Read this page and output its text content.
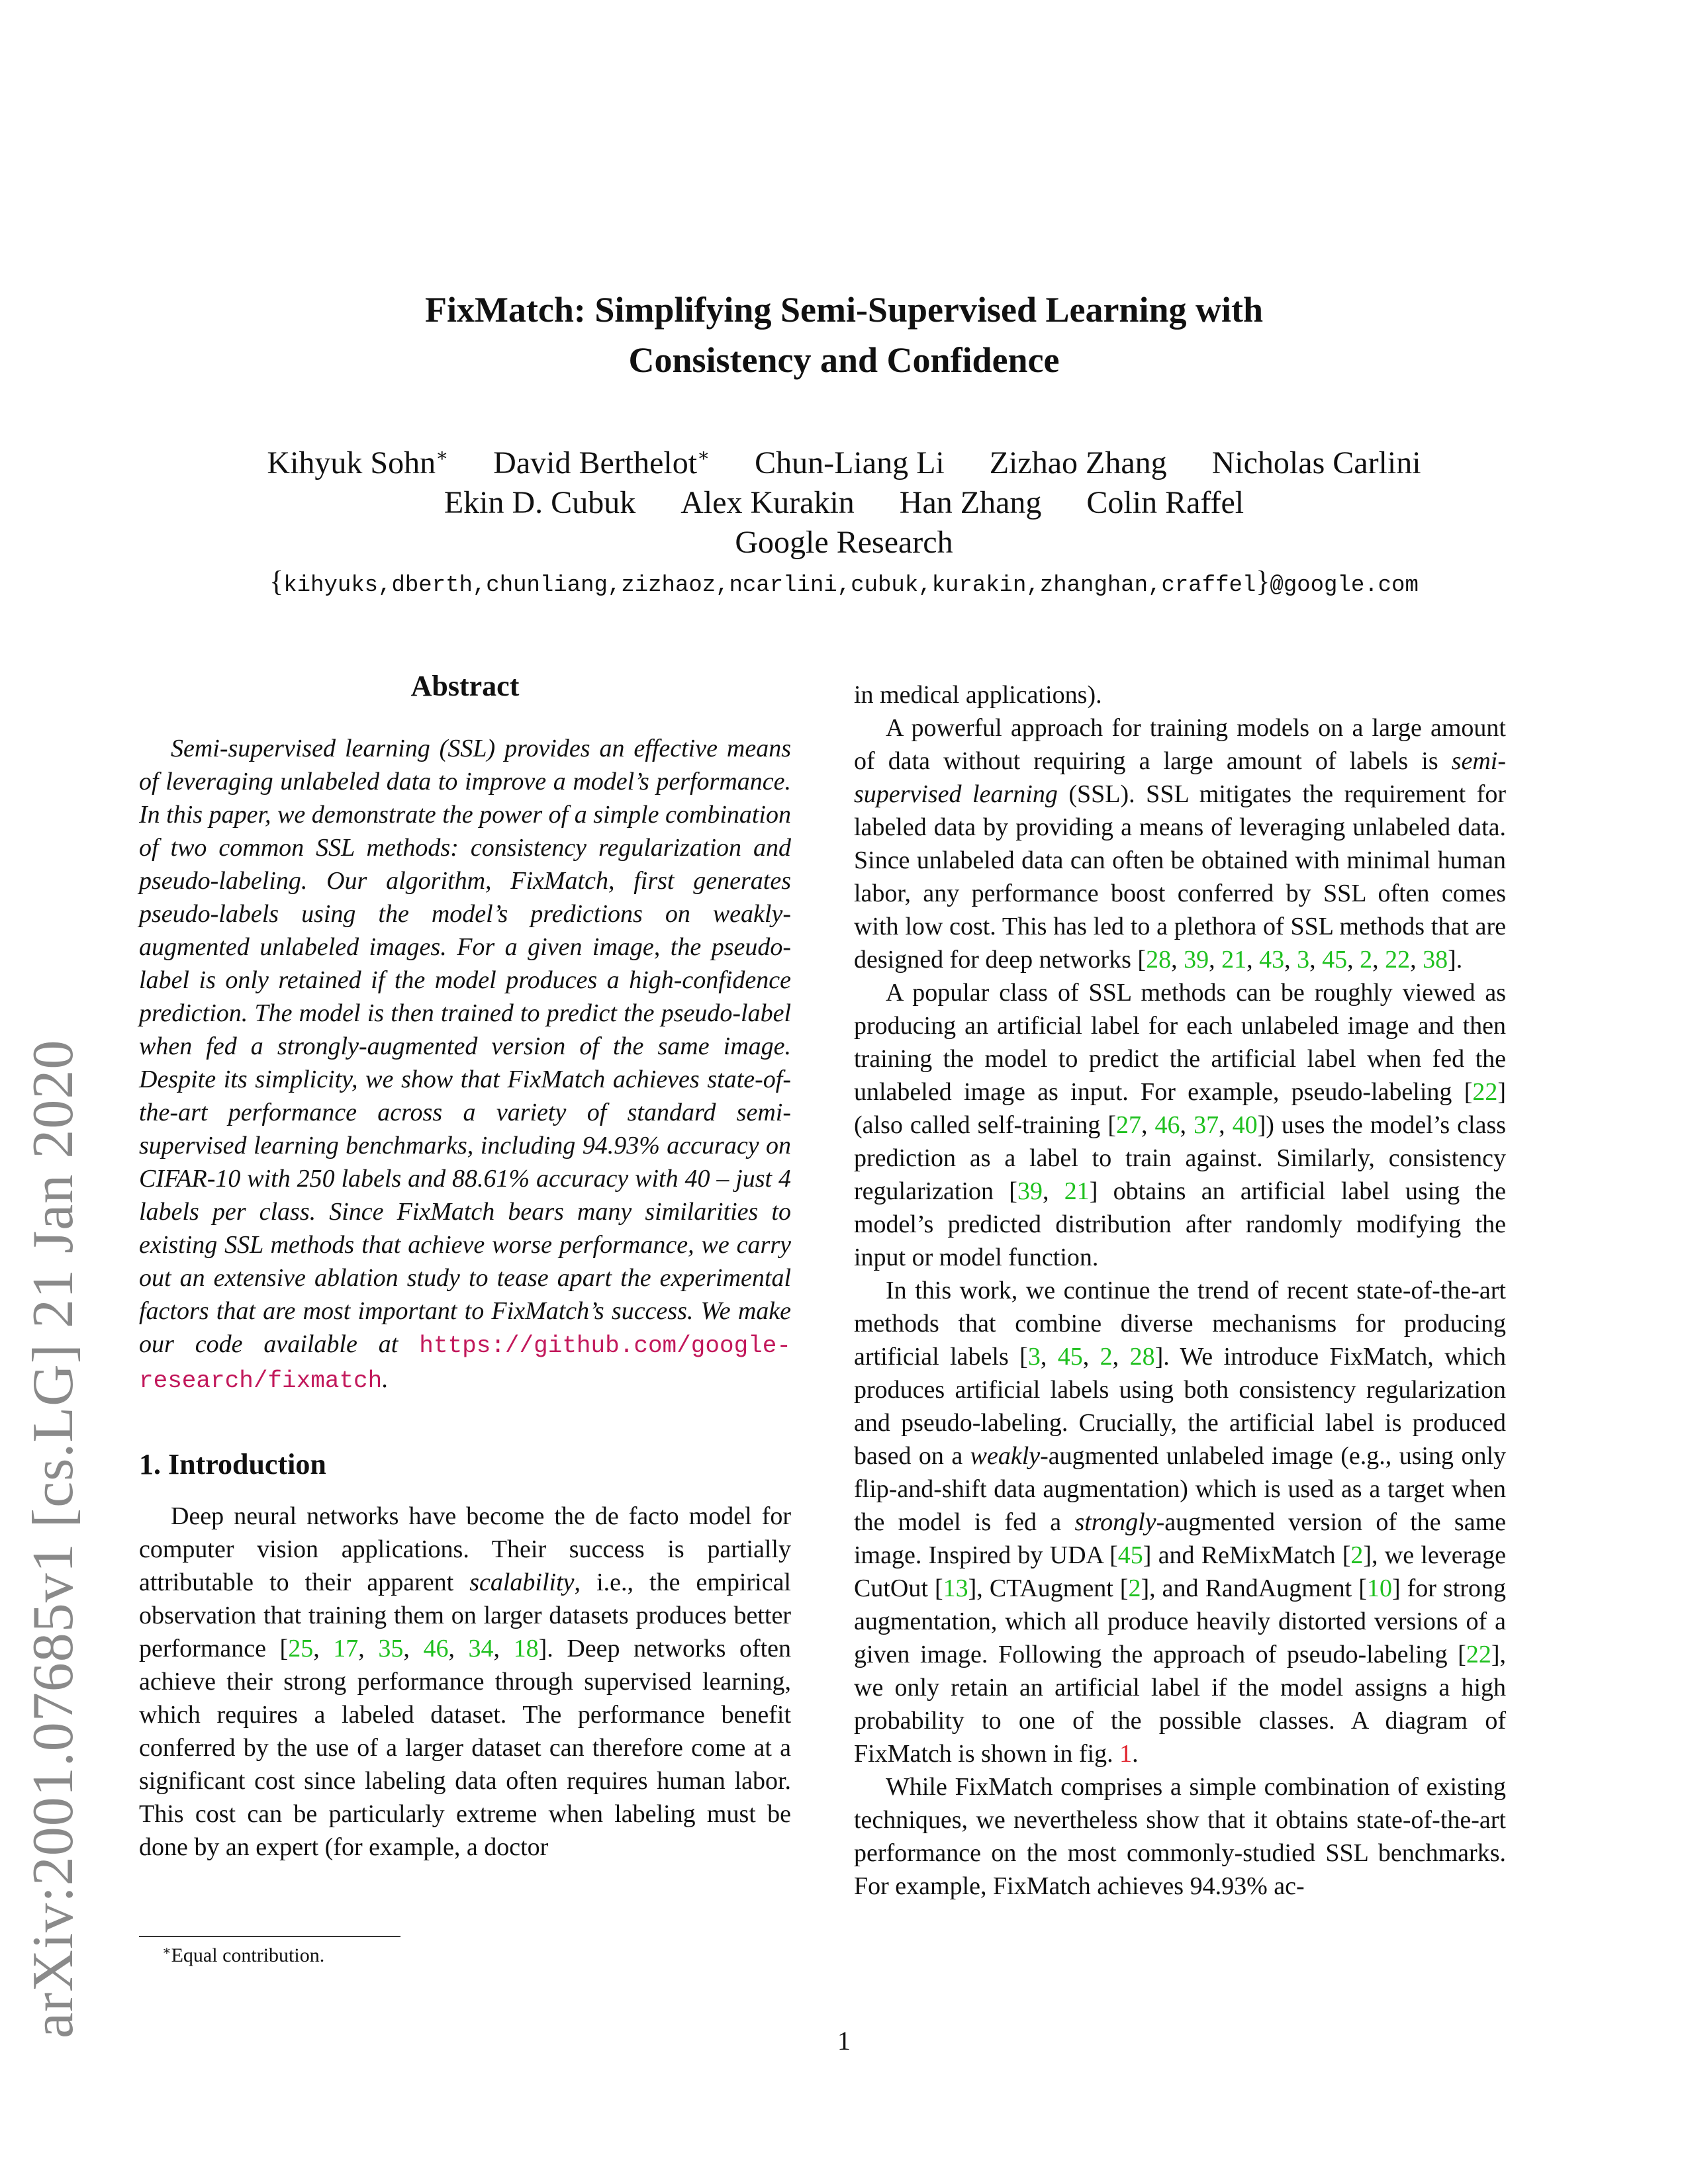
FixMatch: Simplifying Semi-Supervised Learning with
Consistency and Confidence
Kihyuk Sohn∗ David Berthelot∗ Chun-Liang Li Zizhao Zhang Nicholas Carlini
Ekin D. Cubuk Alex Kurakin Han Zhang Colin Raffel
Google Research
{kihyuks,dberth,chunliang,zizhaoz,ncarlini,cubuk,kurakin,zhanghan,craffel}@google.com
arXiv:2001.07685v1 [cs.LG] 21 Jan 2020
Abstract

Semi-supervised learning (SSL) provides an effective means of leveraging unlabeled data to improve a model’s performance. In this paper, we demonstrate the power of a simple combination of two common SSL methods: consistency regularization and pseudo-labeling. Our algorithm, FixMatch, first generates pseudo-labels using the model’s predictions on weakly-augmented unlabeled images. For a given image, the pseudo-label is only retained if the model produces a high-confidence prediction. The model is then trained to predict the pseudo-label when fed a strongly-augmented version of the same image. Despite its simplicity, we show that FixMatch achieves state-of-the-art performance across a variety of standard semi-supervised learning benchmarks, including 94.93% accuracy on CIFAR-10 with 250 labels and 88.61% accuracy with 40 – just 4 labels per class. Since FixMatch bears many similarities to existing SSL methods that achieve worse performance, we carry out an extensive ablation study to tease apart the experimental factors that are most important to FixMatch’s success. We make our code available at https://github.com/google-research/fixmatch.

1. Introduction

Deep neural networks have become the de facto model for computer vision applications. Their success is partially attributable to their apparent scalability, i.e., the empirical observation that training them on larger datasets produces better performance [25, 17, 35, 46, 34, 18]. Deep networks often achieve their strong performance through supervised learning, which requires a labeled dataset. The performance benefit conferred by the use of a larger dataset can therefore come at a significant cost since labeling data often requires human labor. This cost can be particularly extreme when labeling must be done by an expert (for example, a doctor

in medical applications).

A powerful approach for training models on a large amount of data without requiring a large amount of labels is semi-supervised learning (SSL). SSL mitigates the requirement for labeled data by providing a means of leveraging unlabeled data. Since unlabeled data can often be obtained with minimal human labor, any performance boost conferred by SSL often comes with low cost. This has led to a plethora of SSL methods that are designed for deep networks [28, 39, 21, 43, 3, 45, 2, 22, 38].

A popular class of SSL methods can be roughly viewed as producing an artificial label for each unlabeled image and then training the model to predict the artificial label when fed the unlabeled image as input. For example, pseudo-labeling [22] (also called self-training [27, 46, 37, 40]) uses the model’s class prediction as a label to train against. Similarly, consistency regularization [39, 21] obtains an artificial label using the model’s predicted distribution after randomly modifying the input or model function.

In this work, we continue the trend of recent state-of-the-art methods that combine diverse mechanisms for producing artificial labels [3, 45, 2, 28]. We introduce FixMatch, which produces artificial labels using both consistency regularization and pseudo-labeling. Crucially, the artificial label is produced based on a weakly-augmented unlabeled image (e.g., using only flip-and-shift data augmentation) which is used as a target when the model is fed a strongly-augmented version of the same image. Inspired by UDA [45] and ReMixMatch [2], we leverage CutOut [13], CTAugment [2], and RandAugment [10] for strong augmentation, which all produce heavily distorted versions of a given image. Following the approach of pseudo-labeling [22], we only retain an artificial label if the model assigns a high probability to one of the possible classes. A diagram of FixMatch is shown in fig. 1.

While FixMatch comprises a simple combination of existing techniques, we nevertheless show that it obtains state-of-the-art performance on the most commonly-studied SSL benchmarks. For example, FixMatch achieves 94.93% ac-

∗Equal contribution.
1
